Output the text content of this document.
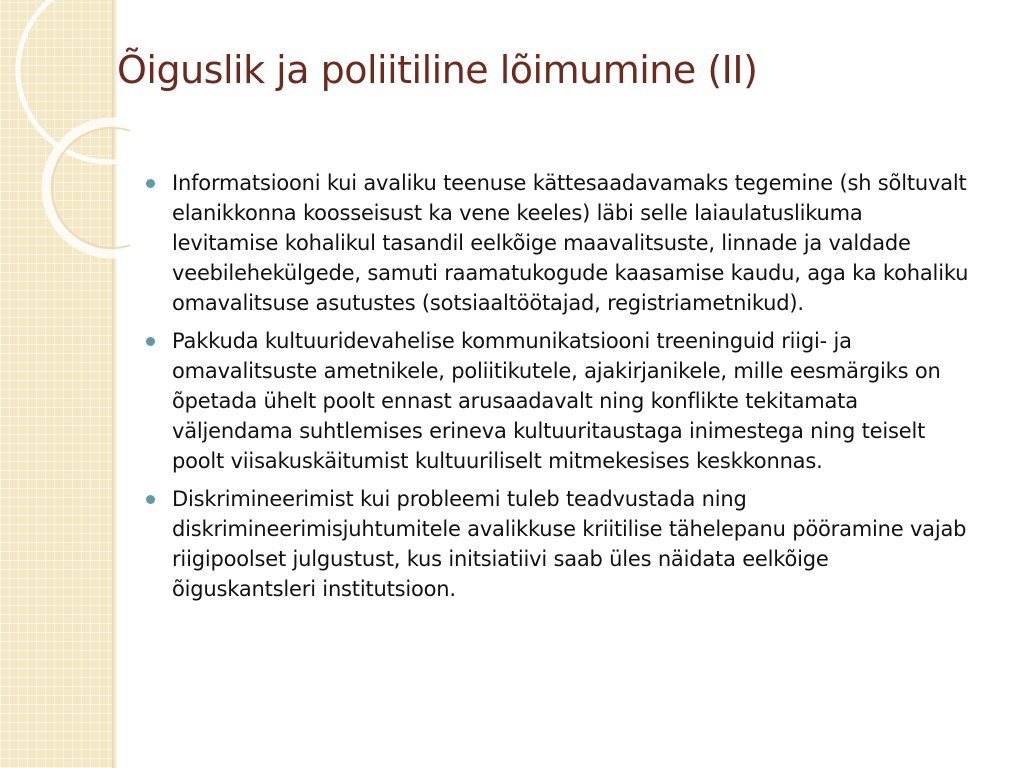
Õiguslik ja poliitiline lõimumine (II)
Informatsiooni kui avaliku teenuse kättesaadavamaks tegemine (sh sõltuvalt elanikkonna koosseisust ka vene keeles) läbi selle laiaulatuslikuma levitamise kohalikul tasandil eelkõige maavalitsuste, linnade ja valdade veebilehekülgede, samuti raamatukogude kaasamise kaudu, aga ka kohaliku omavalitsuse asutustes (sotsiaaltöötajad, registriametnikud).
Pakkuda kultuuridevahelise kommunikatsiooni treeninguid riigi- ja omavalitsuste ametnikele, poliitikutele, ajakirjanikele, mille eesmärgiks on õpetada ühelt poolt ennast arusaadavalt ning konflikte tekitamata väljendama suhtlemises erineva kultuuritaustaga inimestega ning teiselt poolt viisakuskäitumist kultuuriliselt mitmekesises keskkonnas.
Diskrimineerimist kui probleemi tuleb teadvustada ning diskrimineerimisjuhtumitele avalikkuse kriitilise tähelepanu pööramine vajab riigipoolset julgustust, kus initsiatiivi saab üles näidata eelkõige õiguskantsleri institutsioon.
